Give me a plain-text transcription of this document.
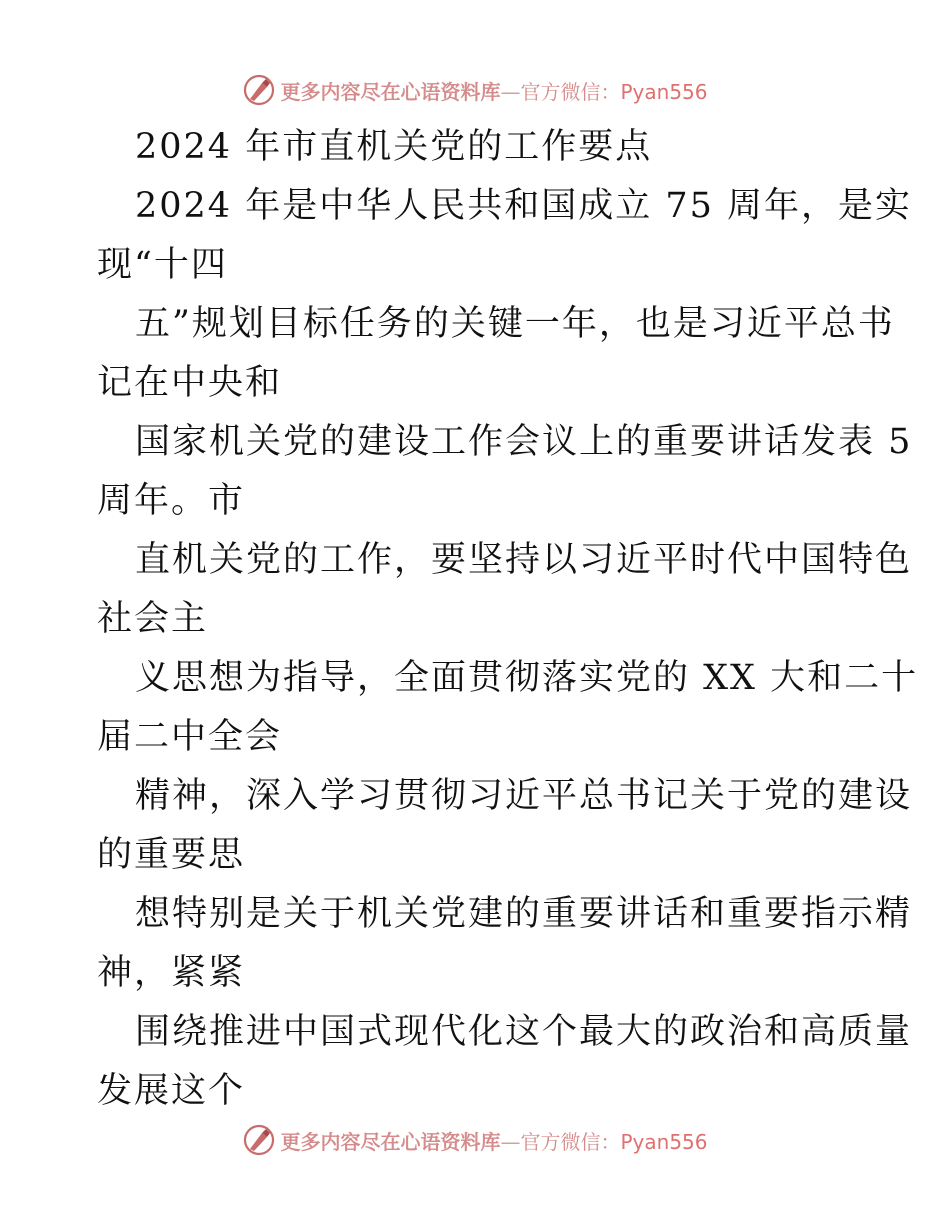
更多内容尽在心语资料库—官方微信：Pyan556
2024 年市直机关党的工作要点
2024 年是中华人民共和国成立 75 周年，是实
现“十四
五”规划目标任务的关键一年，也是习近平总书
记在中央和
国家机关党的建设工作会议上的重要讲话发表 5
周年。市
直机关党的工作，要坚持以习近平时代中国特色
社会主
义思想为指导，全面贯彻落实党的 XX 大和二十
届二中全会
精神，深入学习贯彻习近平总书记关于党的建设
的重要思
想特别是关于机关党建的重要讲话和重要指示精
神，紧紧
围绕推进中国式现代化这个最大的政治和高质量
发展这个
更多内容尽在心语资料库—官方微信：Pyan556
